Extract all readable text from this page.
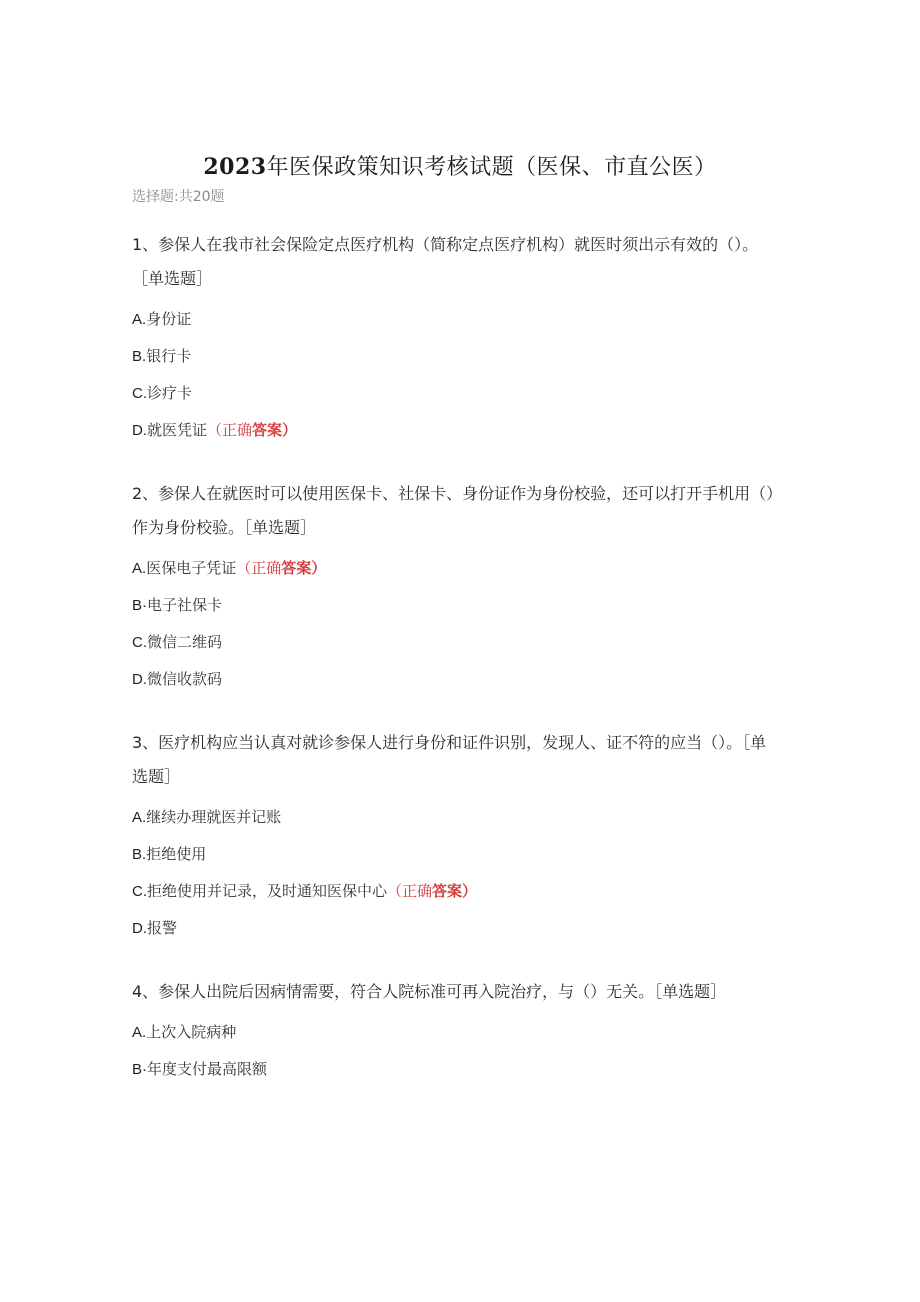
2023年医保政策知识考核试题（医保、市直公医）
选择题:共20题

1、参保人在我市社会保险定点医疗机构（简称定点医疗机构）就医时须出示有效的（）。［单选题］

A.身份证
B.银行卡
C.诊疗卡
D.就医凭证（正确答案）

2、参保人在就医时可以使用医保卡、社保卡、身份证作为身份校验，还可以打开手机用（）作为身份校验。［单选题］

A.医保电子凭证（正确答案）
B·电子社保卡
C.微信二维码
D.微信收款码

3、医疗机构应当认真对就诊参保人进行身份和证件识别，发现人、证不符的应当（）。［单选题］

A.继续办理就医并记账
B.拒绝使用
C.拒绝使用并记录，及时通知医保中心（正确答案）
D.报警

4、参保人出院后因病情需要，符合人院标准可再入院治疗，与（）无关。［单选题］

A.上次入院病种
B·年度支付最高限额
